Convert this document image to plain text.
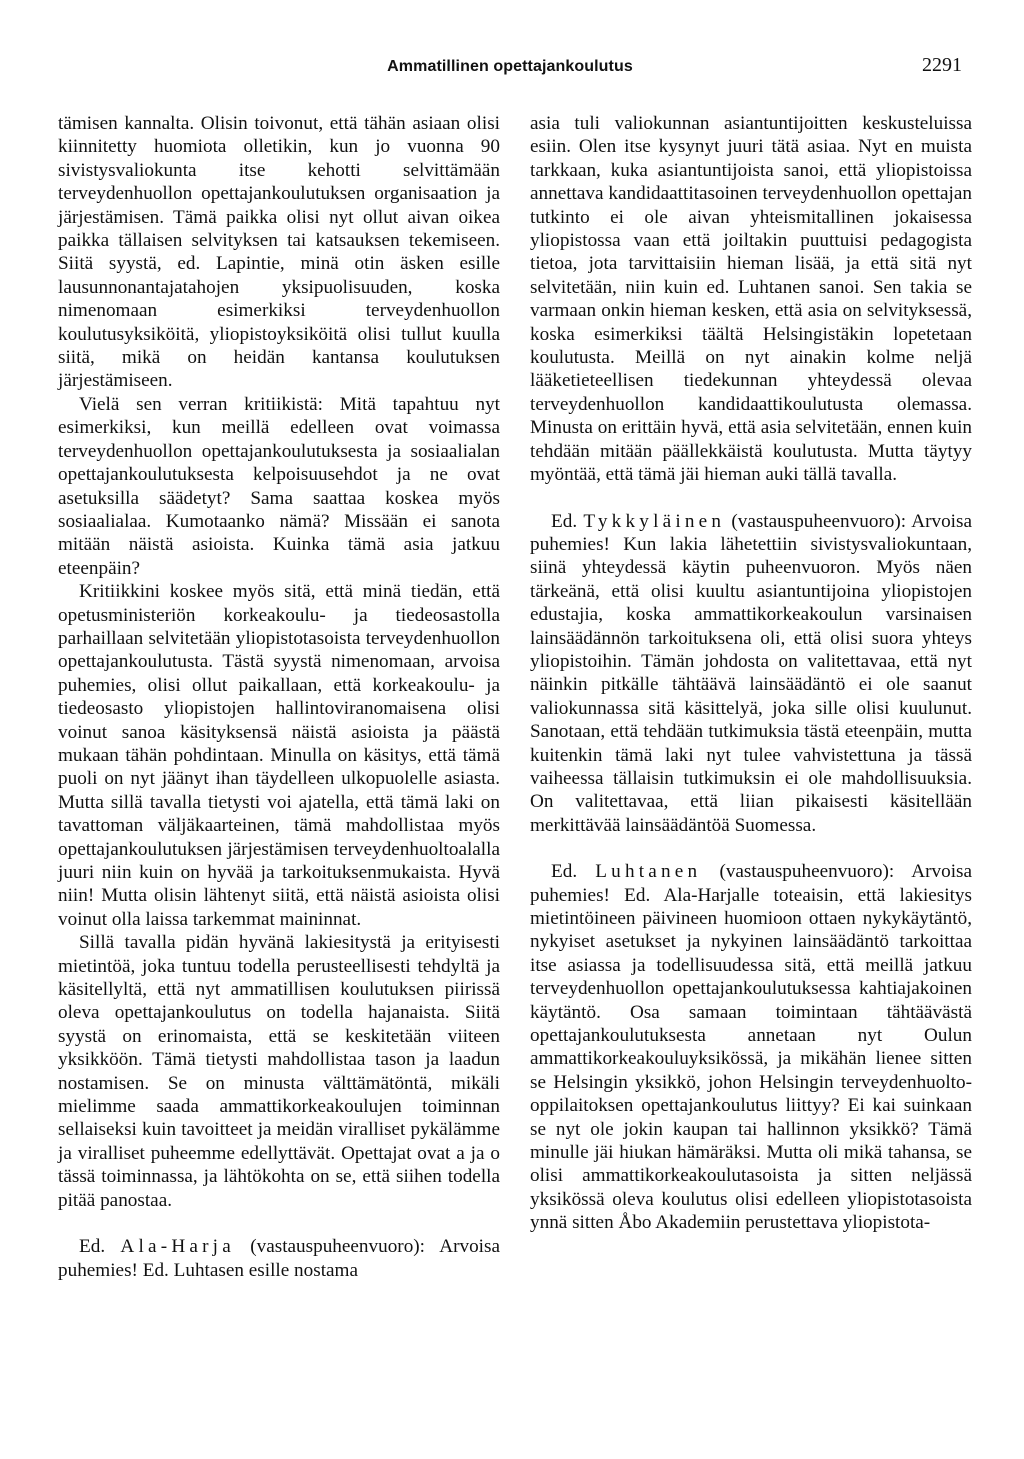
Ammatillinen opettajankoulutus	2291

tämisen kannalta. Olisin toivonut, että tähän asiaan olisi kiinnitetty huomiota olletikin, kun jo vuonna 90 sivistysvaliokunta itse kehotti selvittämään terveydenhuollon opettajankoulutuksen organisaation ja järjestämisen. Tämä paikka olisi nyt ollut aivan oikea paikka tällaisen selvityksen tai katsauksen tekemiseen. Siitä syystä, ed. Lapintie, minä otin äsken esille lausunnonantajatahojen yksipuolisuuden, koska nimenomaan esimerkiksi terveydenhuollon koulutusyksiköitä, yliopistoyksiköitä olisi tullut kuulla siitä, mikä on heidän kantansa koulutuksen järjestämiseen.

Vielä sen verran kritiikistä: Mitä tapahtuu nyt esimerkiksi, kun meillä edelleen ovat voimassa terveydenhuollon opettajankoulutuksesta ja sosiaalialan opettajankoulutuksesta kelpoisuusehdot ja ne ovat asetuksilla säädetyt? Sama saattaa koskea myös sosiaalialaa. Kumotaanko nämä? Missään ei sanota mitään näistä asioista. Kuinka tämä asia jatkuu eteenpäin?

Kritiikkini koskee myös sitä, että minä tiedän, että opetusministeriön korkeakoulu- ja tiedeosastolla parhaillaan selvitetään yliopistotasoista terveydenhuollon opettajankoulutusta. Tästä syystä nimenomaan, arvoisa puhemies, olisi ollut paikallaan, että korkeakoulu- ja tiedeosasto yliopistojen hallintoviranomaisena olisi voinut sanoa käsityksensä näistä asioista ja päästä mukaan tähän pohdintaan. Minulla on käsitys, että tämä puoli on nyt jäänyt ihan täydelleen ulkopuolelle asiasta. Mutta sillä tavalla tietysti voi ajatella, että tämä laki on tavattoman väljäkaarteinen, tämä mahdollistaa myös opettajankoulutuksen järjestämisen terveydenhuoltoalalla juuri niin kuin on hyvää ja tarkoituksenmukaista. Hyvä niin! Mutta olisin lähtenyt siitä, että näistä asioista olisi voinut olla laissa tarkemmat maininnat.

Sillä tavalla pidän hyvänä lakiesitystä ja erityisesti mietintöä, joka tuntuu todella perusteellisesti tehdyltä ja käsitellyltä, että nyt ammatillisen koulutuksen piirissä oleva opettajankoulutus on todella hajanaista. Siitä syystä on erinomaista, että se keskitetään viiteen yksikköön. Tämä tietysti mahdollistaa tason ja laadun nostamisen. Se on minusta välttämätöntä, mikäli mielimme saada ammattikorkeakoulujen toiminnan sellaiseksi kuin tavoitteet ja meidän viralliset pykälämme ja viralliset puheemme edellyttävät. Opettajat ovat a ja o tässä toiminnassa, ja lähtökohta on se, että siihen todella pitää panostaa.

Ed. Ala-Harja (vastauspuheenvuoro): Arvoisa puhemies! Ed. Luhtasen esille nostama

asia tuli valiokunnan asiantuntijoitten keskusteluissa esiin. Olen itse kysynyt juuri tätä asiaa. Nyt en muista tarkkaan, kuka asiantuntijoista sanoi, että yliopistoissa annettava kandidaattitasoinen terveydenhuollon opettajan tutkinto ei ole aivan yhteismitallinen jokaisessa yliopistossa vaan että joiltakin puuttuisi pedagogista tietoa, jota tarvittaisiin hieman lisää, ja että sitä nyt selvitetään, niin kuin ed. Luhtanen sanoi. Sen takia se varmaan onkin hieman kesken, että asia on selvityksessä, koska esimerkiksi täältä Helsingistäkin lopetetaan koulutusta. Meillä on nyt ainakin kolme neljä lääketieteellisen tiedekunnan yhteydessä olevaa terveydenhuollon kandidaattikoulutusta olemassa. Minusta on erittäin hyvä, että asia selvitetään, ennen kuin tehdään mitään päällekkäistä koulutusta. Mutta täytyy myöntää, että tämä jäi hieman auki tällä tavalla.

Ed. Tykkyläinen (vastauspuheenvuoro): Arvoisa puhemies! Kun lakia lähetettiin sivistysvaliokuntaan, siinä yhteydessä käytin puheenvuoron. Myös näen tärkeänä, että olisi kuultu asiantuntijoina yliopistojen edustajia, koska ammattikorkeakoulun varsinaisen lainsäädännön tarkoituksena oli, että olisi suora yhteys yliopistoihin. Tämän johdosta on valitettavaa, että nyt näinkin pitkälle tähtäävä lainsäädäntö ei ole saanut valiokunnassa sitä käsittelyä, joka sille olisi kuulunut. Sanotaan, että tehdään tutkimuksia tästä eteenpäin, mutta kuitenkin tämä laki nyt tulee vahvistettuna ja tässä vaiheessa tällaisin tutkimuksin ei ole mahdollisuuksia. On valitettavaa, että liian pikaisesti käsitellään merkittävää lainsäädäntöä Suomessa.

Ed. Luhtanen (vastauspuheenvuoro): Arvoisa puhemies! Ed. Ala-Harjalle toteaisin, että lakiesitys mietintöineen päivineen huomioon ottaen nykykäytäntö, nykyiset asetukset ja nykyinen lainsäädäntö tarkoittaa itse asiassa ja todellisuudessa sitä, että meillä jatkuu terveydenhuollon opettajankoulutuksessa kahtiajakoinen käytäntö. Osa samaan toimintaan tähtäävästä opettajankoulutuksesta annetaan nyt Oulun ammattikorkeakouluyksikössä, ja mikähän lienee sitten se Helsingin yksikkö, johon Helsingin terveydenhuolto-oppilaitoksen opettajankoulutus liittyy? Ei kai suinkaan se nyt ole jokin kaupan tai hallinnon yksikkö? Tämä minulle jäi hiukan hämäräksi. Mutta oli mikä tahansa, se olisi ammattikorkeakoulutasoista ja sitten neljässä yksikössä oleva koulutus olisi edelleen yliopistotasoista ynnä sitten Åbo Akademiin perustettava yliopistota-
